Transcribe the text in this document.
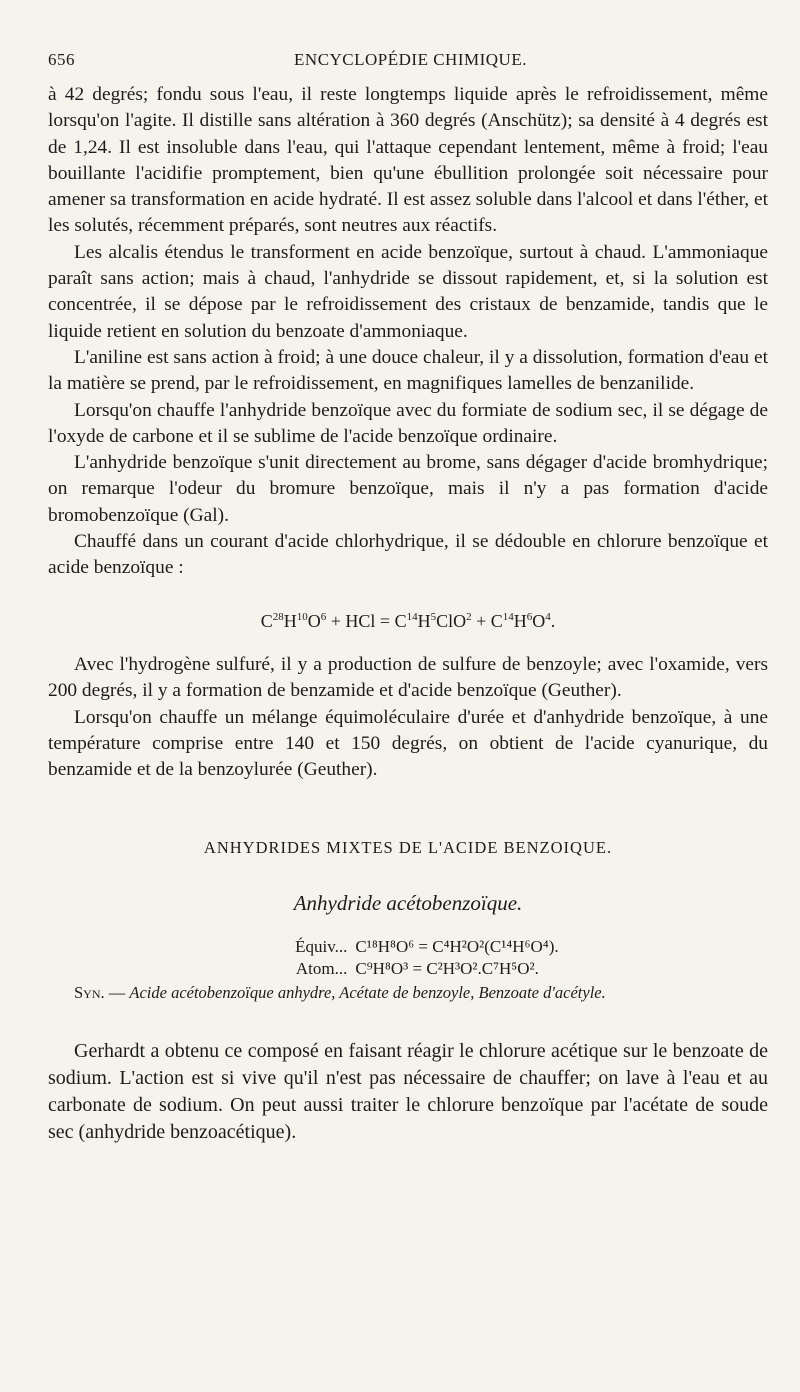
656	ENCYCLOPÉDIE CHIMIQUE.

à 42 degrés; fondu sous l'eau, il reste longtemps liquide après le refroidissement, même lorsqu'on l'agite. Il distille sans altération à 360 degrés (Anschütz); sa densité à 4 degrés est de 1,24. Il est insoluble dans l'eau, qui l'attaque cependant lentement, même à froid; l'eau bouillante l'acidifie promptement, bien qu'une ébullition prolongée soit nécessaire pour amener sa transformation en acide hydraté. Il est assez soluble dans l'alcool et dans l'éther, et les solutés, récemment préparés, sont neutres aux réactifs.

Les alcalis étendus le transforment en acide benzoïque, surtout à chaud. L'ammoniaque paraît sans action; mais à chaud, l'anhydride se dissout rapidement, et, si la solution est concentrée, il se dépose par le refroidissement des cristaux de benzamide, tandis que le liquide retient en solution du benzoate d'ammoniaque.

L'aniline est sans action à froid; à une douce chaleur, il y a dissolution, formation d'eau et la matière se prend, par le refroidissement, en magnifiques lamelles de benzanilide.

Lorsqu'on chauffe l'anhydride benzoïque avec du formiate de sodium sec, il se dégage de l'oxyde de carbone et il se sublime de l'acide benzoïque ordinaire.

L'anhydride benzoïque s'unit directement au brome, sans dégager d'acide bromhydrique; on remarque l'odeur du bromure benzoïque, mais il n'y a pas formation d'acide bromobenzoïque (Gal).

Chauffé dans un courant d'acide chlorhydrique, il se dédouble en chlorure benzoïque et acide benzoïque :

$C^{28}H^{10}O^6$ + HCl = $C^{14}H^5ClO^2 + C^{14}H^6O^4$.

Avec l'hydrogène sulfuré, il y a production de sulfure de benzoyle; avec l'oxamide, vers 200 degrés, il y a formation de benzamide et d'acide benzoïque (Geuther).

Lorsqu'on chauffe un mélange équimoléculaire d'urée et d'anhydride benzoïque, à une température comprise entre 140 et 150 degrés, on obtient de l'acide cyanurique, du benzamide et de la benzoylurée (Geuther).

ANHYDRIDES MIXTES DE L'ACIDE BENZOIQUE.
Anhydride acétobenzoïque.
Équiv... C¹⁸H⁸O⁶ = C⁴H²O²(C¹⁴H⁶O⁴).
Atom... C⁹H⁸O³ = C²H³O².C⁷H⁵O².

Syn. — Acide acétobenzoïque anhydre, Acétate de benzoyle, Benzoate d'acétyle.

Gerhardt a obtenu ce composé en faisant réagir le chlorure acétique sur le benzoate de sodium. L'action est si vive qu'il n'est pas nécessaire de chauffer; on lave à l'eau et au carbonate de sodium. On peut aussi traiter le chlorure benzoïque par l'acétate de soude sec (anhydride benzoacétique).
